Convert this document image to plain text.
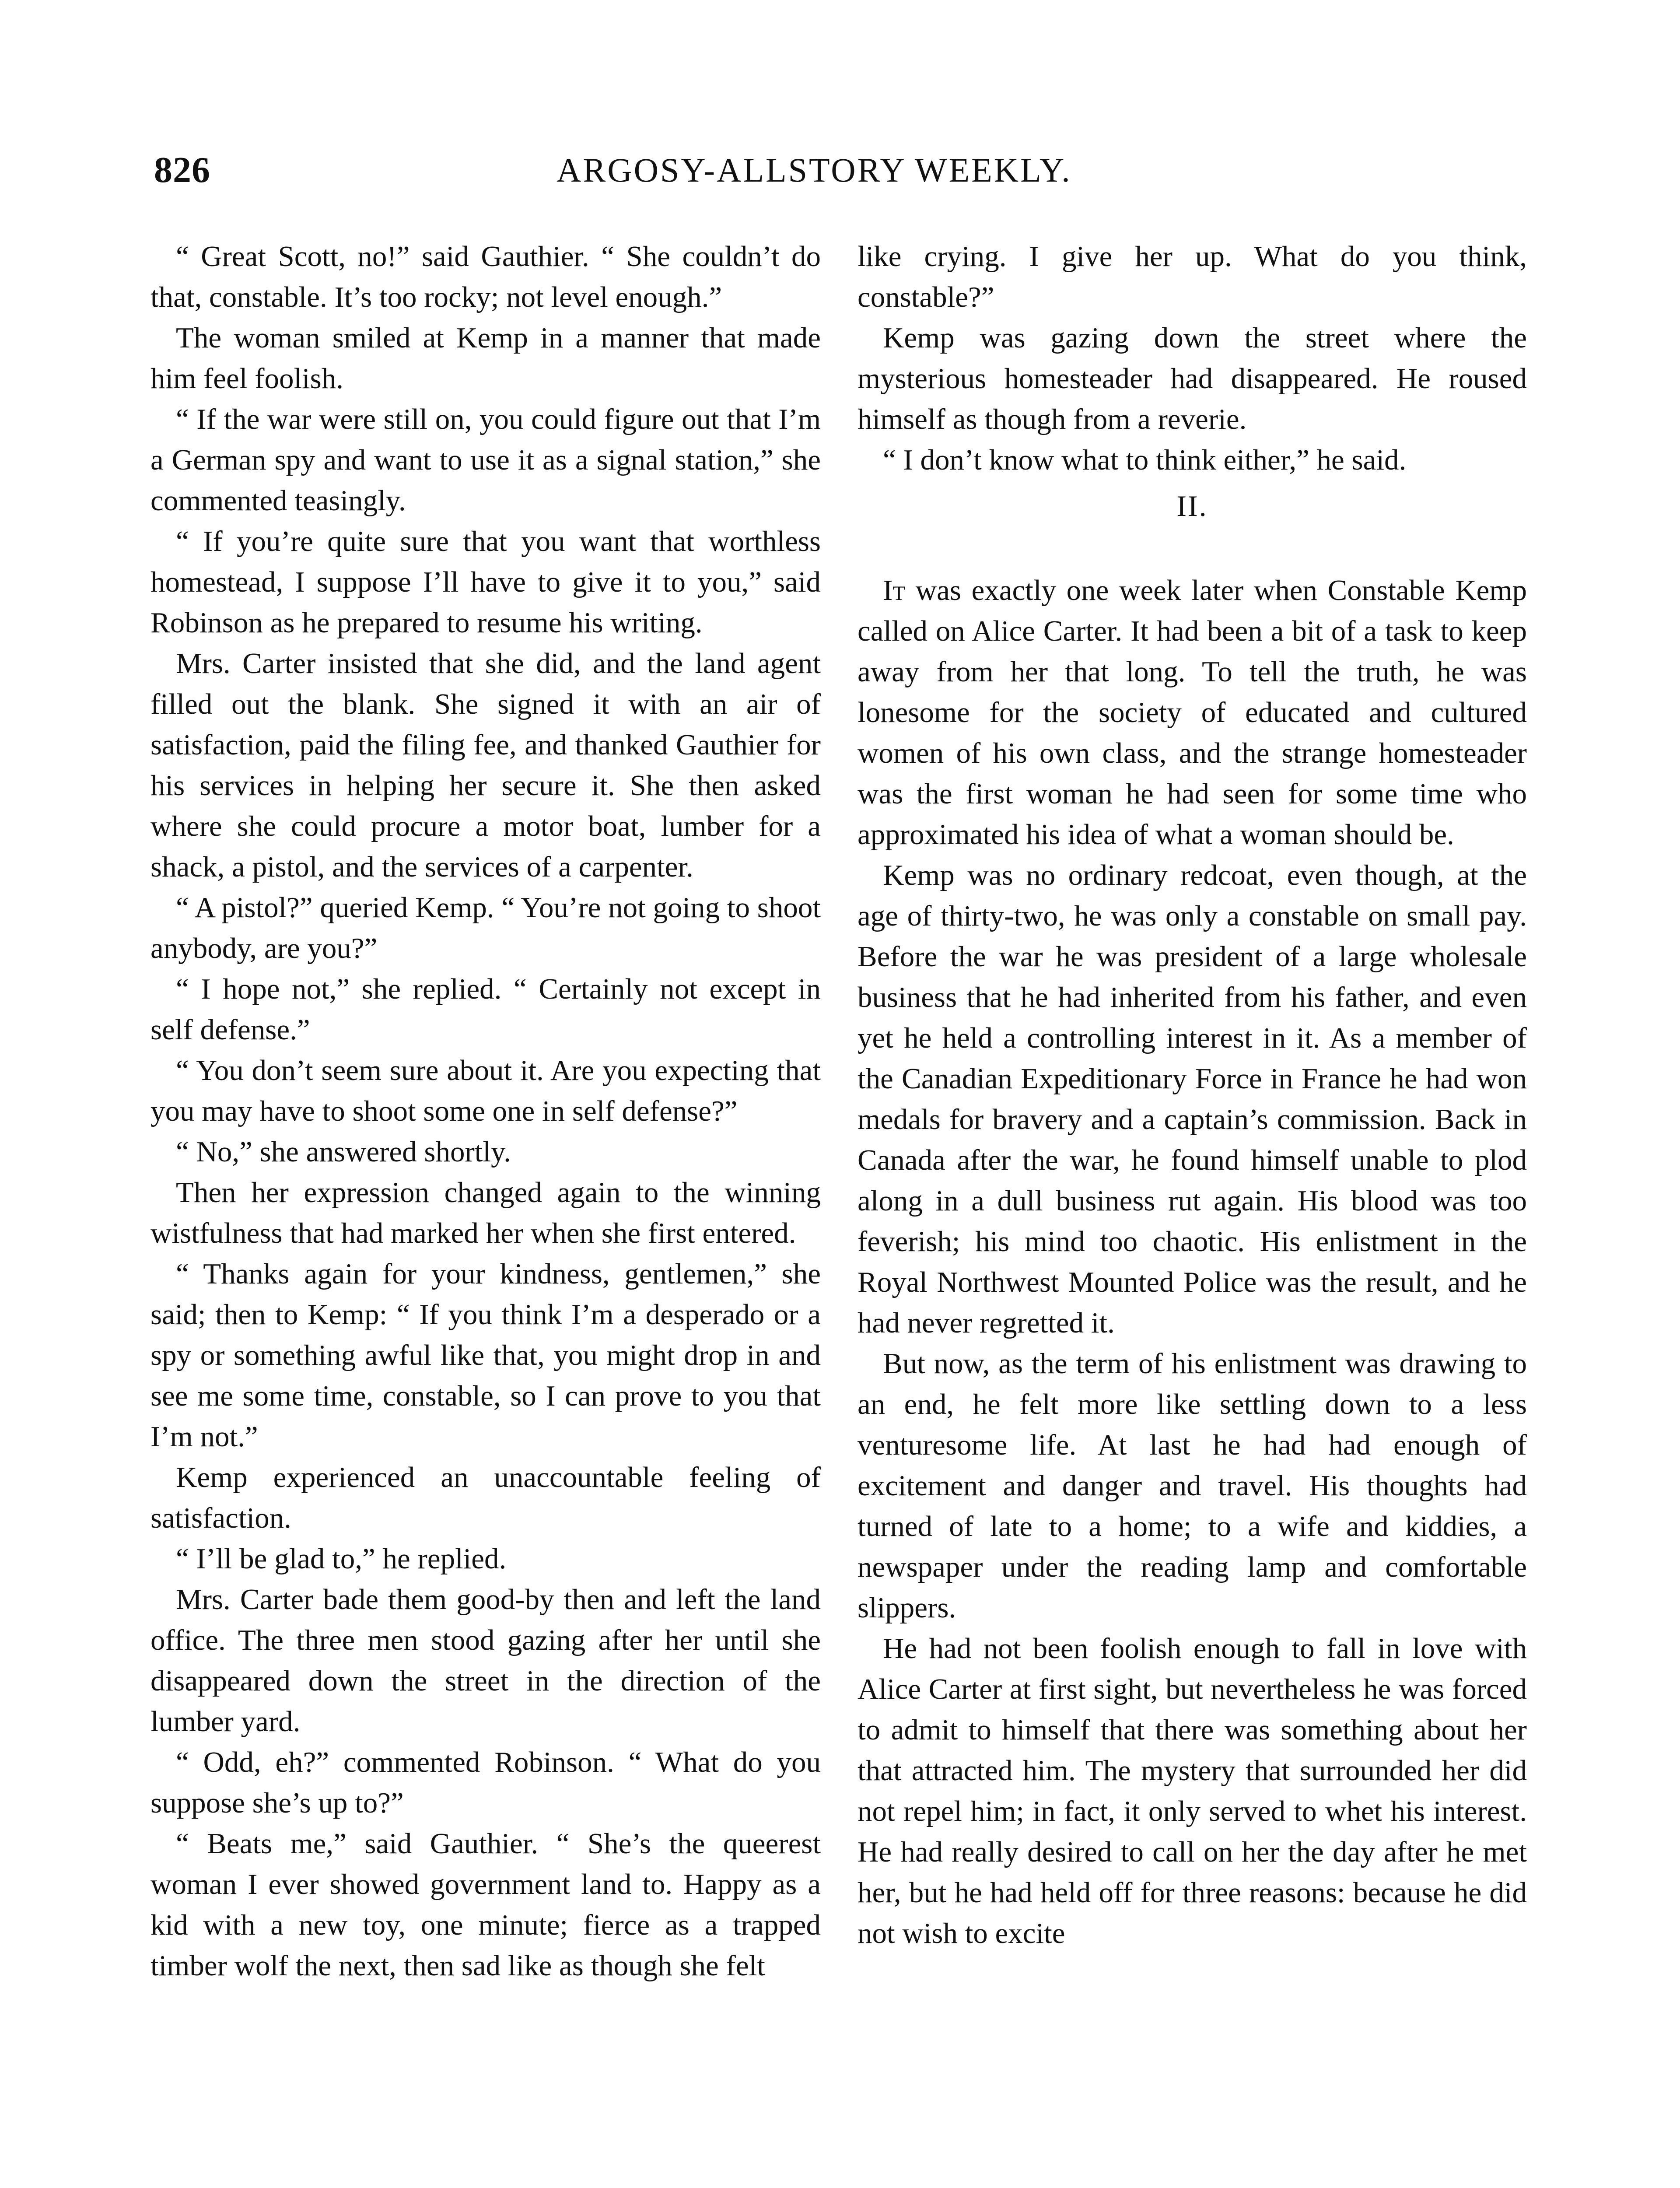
826	ARGOSY-ALLSTORY WEEKLY.

“ Great Scott, no!” said Gauthier. “ She couldn’t do that, constable. It’s too rocky; not level enough.”

The woman smiled at Kemp in a manner that made him feel foolish.

“ If the war were still on, you could figure out that I’m a German spy and want to use it as a signal station,” she commented teasingly.

“ If you’re quite sure that you want that worthless homestead, I suppose I’ll have to give it to you,” said Robinson as he prepared to resume his writing.

Mrs. Carter insisted that she did, and the land agent filled out the blank. She signed it with an air of satisfaction, paid the filing fee, and thanked Gauthier for his services in helping her secure it. She then asked where she could procure a motor boat, lumber for a shack, a pistol, and the services of a carpenter.

“ A pistol?” queried Kemp. “ You’re not going to shoot anybody, are you?”

“ I hope not,” she replied. “ Certainly not except in self defense.”

“ You don’t seem sure about it. Are you expecting that you may have to shoot some one in self defense?”

“ No,” she answered shortly.

Then her expression changed again to the winning wistfulness that had marked her when she first entered.

“ Thanks again for your kindness, gentlemen,” she said; then to Kemp: “ If you think I’m a desperado or a spy or something awful like that, you might drop in and see me some time, constable, so I can prove to you that I’m not.”

Kemp experienced an unaccountable feeling of satisfaction.

“ I’ll be glad to,” he replied.

Mrs. Carter bade them good-by then and left the land office. The three men stood gazing after her until she disappeared down the street in the direction of the lumber yard.

“ Odd, eh?” commented Robinson. “ What do you suppose she’s up to?”

“ Beats me,” said Gauthier. “ She’s the queerest woman I ever showed government land to. Happy as a kid with a new toy, one minute; fierce as a trapped timber wolf the next, then sad like as though she felt

like crying. I give her up. What do you think, constable?”

Kemp was gazing down the street where the mysterious homesteader had disappeared. He roused himself as though from a reverie.

“ I don’t know what to think either,” he said.

II.

It was exactly one week later when Constable Kemp called on Alice Carter. It had been a bit of a task to keep away from her that long. To tell the truth, he was lonesome for the society of educated and cultured women of his own class, and the strange homesteader was the first woman he had seen for some time who approximated his idea of what a woman should be.

Kemp was no ordinary redcoat, even though, at the age of thirty-two, he was only a constable on small pay. Before the war he was president of a large wholesale business that he had inherited from his father, and even yet he held a controlling interest in it. As a member of the Canadian Expeditionary Force in France he had won medals for bravery and a captain’s commission. Back in Canada after the war, he found himself unable to plod along in a dull business rut again. His blood was too feverish; his mind too chaotic. His enlistment in the Royal Northwest Mounted Police was the result, and he had never regretted it.

But now, as the term of his enlistment was drawing to an end, he felt more like settling down to a less venturesome life. At last he had had enough of excitement and danger and travel. His thoughts had turned of late to a home; to a wife and kiddies, a newspaper under the reading lamp and comfortable slippers.

He had not been foolish enough to fall in love with Alice Carter at first sight, but nevertheless he was forced to admit to himself that there was something about her that attracted him. The mystery that surrounded her did not repel him; in fact, it only served to whet his interest. He had really desired to call on her the day after he met her, but he had held off for three reasons: because he did not wish to excite
